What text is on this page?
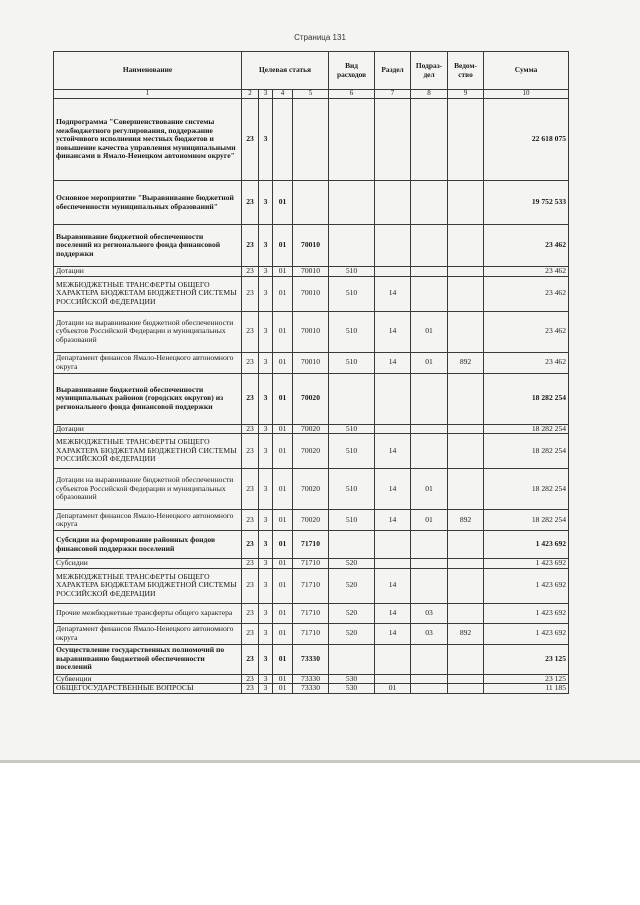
Страница 131
Наименование	Целевая статья				Вид расходов	Раздел	Подраз-дел	Ведом-ство	Сумма
1	2	3	4	5	6	7	8	9	10
Подпрограмма "Совершенствование системы межбюджетного регулирования, поддержание устойчивого исполнения местных бюджетов и повышение качества управления муниципальными финансами в Ямало-Ненецком автономном округе"	23	3							22 618 075
Основное мероприятие "Выравнивание бюджетной обеспеченности муниципальных образований"	23	3	01						19 752 533
Выравнивание бюджетной обеспеченности поселений из регионального фонда финансовой поддержки	23	3	01	70010					23 462
Дотации	23	3	01	70010	510				23 462
МЕЖБЮДЖЕТНЫЕ ТРАНСФЕРТЫ ОБЩЕГО ХАРАКТЕРА БЮДЖЕТАМ БЮДЖЕТНОЙ СИСТЕМЫ РОССИЙСКОЙ ФЕДЕРАЦИИ	23	3	01	70010	510	14			23 462
Дотации на выравнивание бюджетной обеспеченности субъектов Российской Федерации и муниципальных образований	23	3	01	70010	510	14	01		23 462
Департамент финансов Ямало-Ненецкого автономного округа	23	3	01	70010	510	14	01	892	23 462
Выравнивание бюджетной обеспеченности муниципальных районов (городских округов) из регионального фонда финансовой поддержки	23	3	01	70020					18 282 254
Дотации	23	3	01	70020	510				18 282 254
МЕЖБЮДЖЕТНЫЕ ТРАНСФЕРТЫ ОБЩЕГО ХАРАКТЕРА БЮДЖЕТАМ БЮДЖЕТНОЙ СИСТЕМЫ РОССИЙСКОЙ ФЕДЕРАЦИИ	23	3	01	70020	510	14			18 282 254
Дотации на выравнивание бюджетной обеспеченности субъектов Российской Федерации и муниципальных образований	23	3	01	70020	510	14	01		18 282 254
Департамент финансов Ямало-Ненецкого автономного округа	23	3	01	70020	510	14	01	892	18 282 254
Субсидии на формирование районных фондов финансовой поддержки поселений	23	3	01	71710					1 423 692
Субсидии	23	3	01	71710	520				1 423 692
МЕЖБЮДЖЕТНЫЕ ТРАНСФЕРТЫ ОБЩЕГО ХАРАКТЕРА БЮДЖЕТАМ БЮДЖЕТНОЙ СИСТЕМЫ РОССИЙСКОЙ ФЕДЕРАЦИИ	23	3	01	71710	520	14			1 423 692
Прочие межбюджетные трансферты общего характера	23	3	01	71710	520	14	03		1 423 692
Департамент финансов Ямало-Ненецкого автономного округа	23	3	01	71710	520	14	03	892	1 423 692
Осуществление государственных полномочий по выравниванию бюджетной обеспеченности поселений	23	3	01	73330					23 125
Субвенции	23	3	01	73330	530				23 125
ОБЩЕГОСУДАРСТВЕННЫЕ ВОПРОСЫ	23	3	01	73330	530	01			11 185
